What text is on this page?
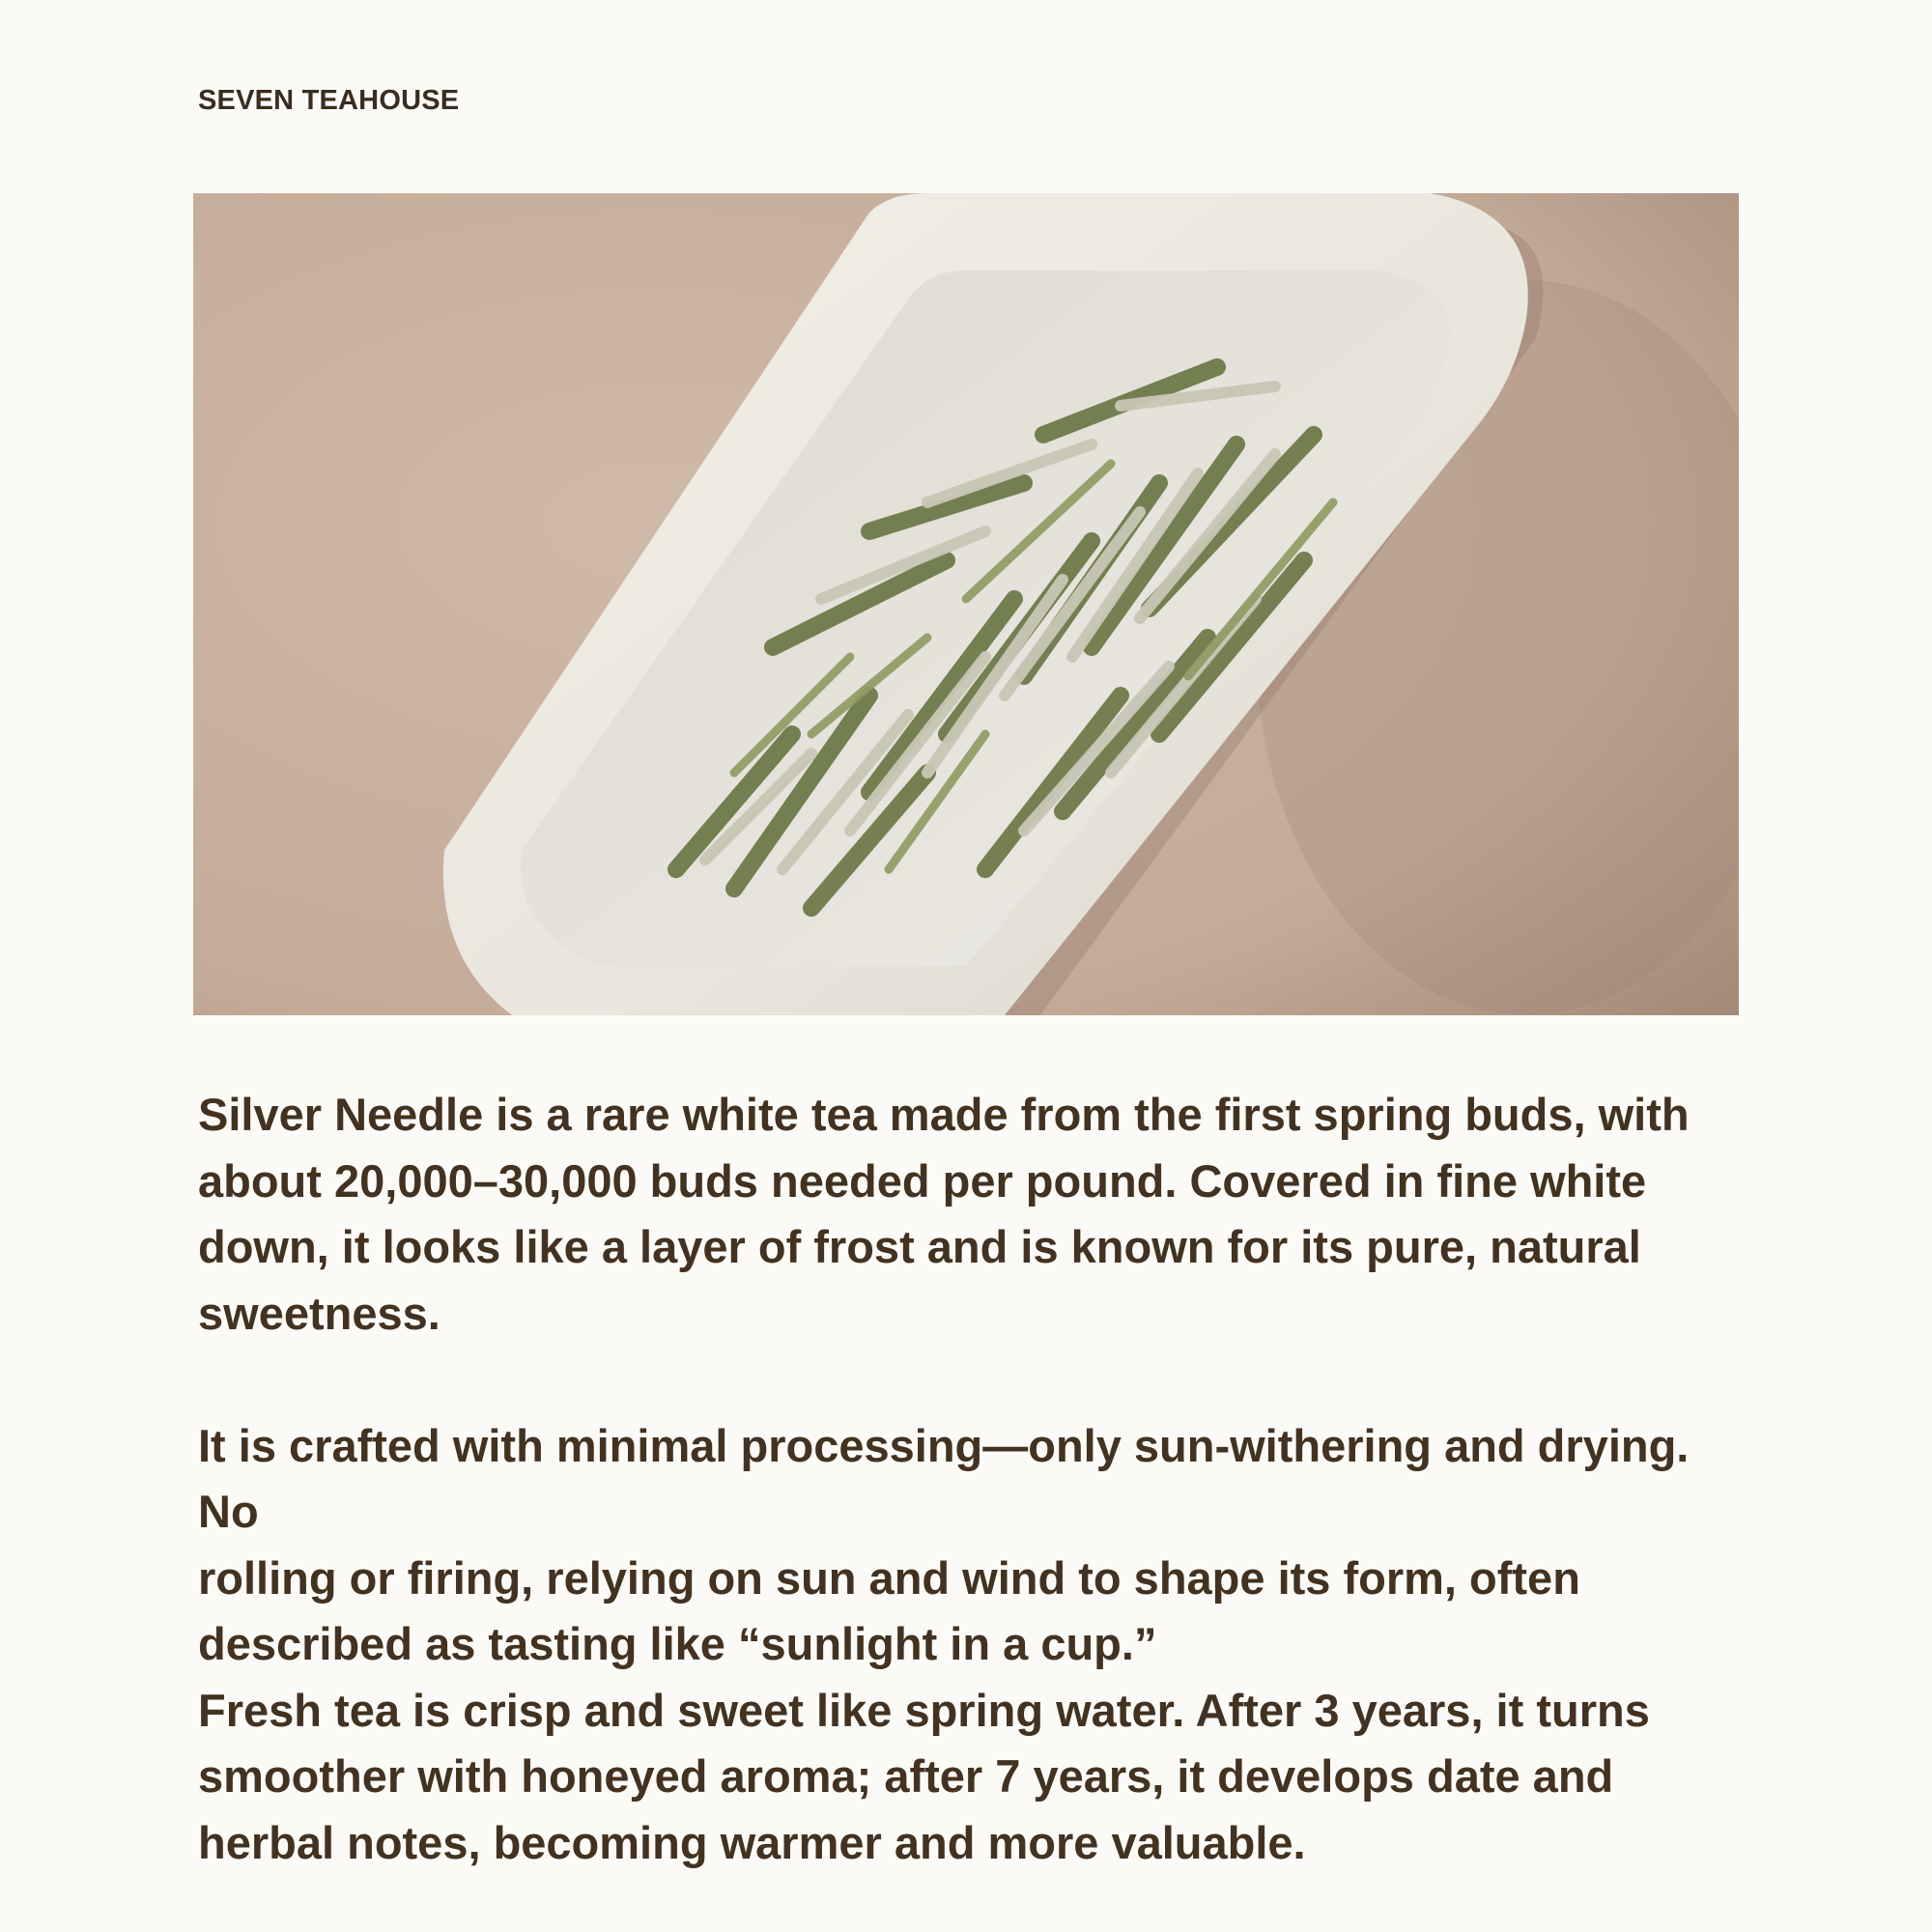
SEVEN TEAHOUSE

Silver Needle is a rare white tea made from the first spring buds, with
about 20,000–30,000 buds needed per pound. Covered in fine white
down, it looks like a layer of frost and is known for its pure, natural
sweetness.

It is crafted with minimal processing—only sun-withering and drying. No
rolling or firing, relying on sun and wind to shape its form, often
described as tasting like “sunlight in a cup.”

Fresh tea is crisp and sweet like spring water. After 3 years, it turns
smoother with honeyed aroma; after 7 years, it develops date and
herbal notes, becoming warmer and more valuable.
